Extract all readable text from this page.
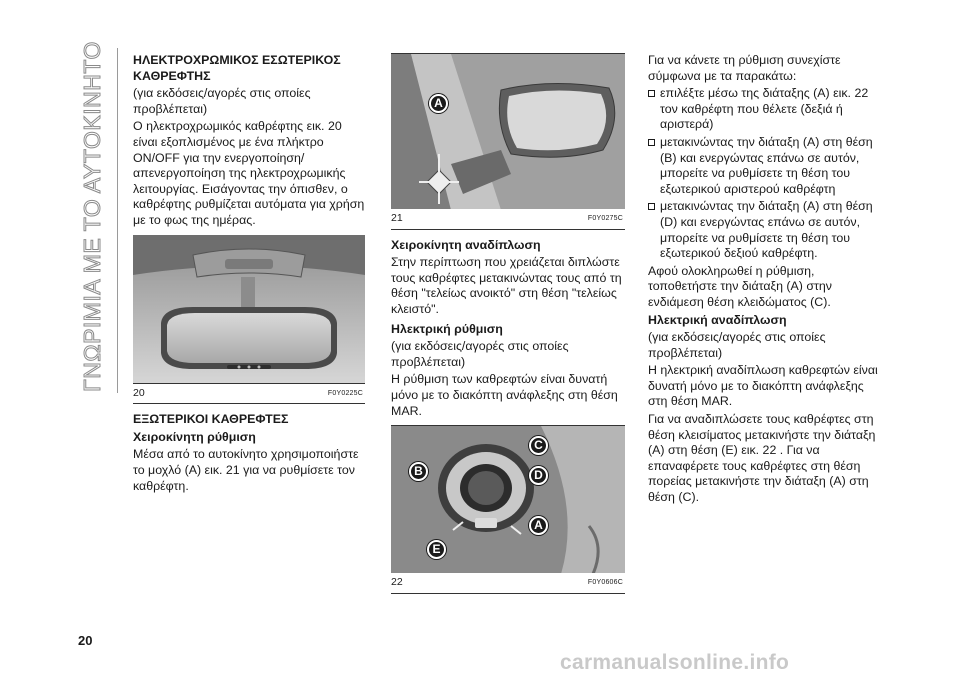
ΓΝΩΡΙΜΙΑ ΜΕ ΤΟ ΑΥΤΟΚΙΝΗΤΟ ΗΛΕΚΤΡΟΧΡΩΜΙΚΟΣ ΕΣΩΤΕΡΙΚΟΣ ΚΑΘΡΕΦΤΗΣ

(για εκδόσεις/αγορές στις οποίες προβλέπεται)

Ο ηλεκτροχρωμικός καθρέφτης εικ. 20 είναι εξοπλισμένος με ένα πλήκτρο ON/OFF για την ενεργοποίηση/απενεργοποίηση της ηλεκτροχρωμικής λειτουργίας. Εισάγοντας την όπισθεν, ο καθρέφτης ρυθμίζεται αυτόματα για χρήση με το φως της ημέρας.

20	F0Y0225C

ΕΞΩΤΕΡΙΚΟΙ ΚΑΘΡΕΦΤΕΣ

Χειροκίνητη ρύθμιση

Μέσα από το αυτοκίνητο χρησιμοποιήστε το μοχλό (A) εικ. 21 για να ρυθμίσετε τον καθρέφτη.

A
21	F0Y0275C

Χειροκίνητη αναδίπλωση

Στην περίπτωση που χρειάζεται διπλώστε τους καθρέφτες μετακινώντας τους από τη θέση "τελείως ανοικτό" στη θέση "τελείως κλειστό".

Ηλεκτρική ρύθμιση

(για εκδόσεις/αγορές στις οποίες προβλέπεται)

Η ρύθμιση των καθρεφτών είναι δυνατή μόνο με το διακόπτη ανάφλεξης στη θέση MAR.

C
B	D
A
E
22	F0Y0606C

Για να κάνετε τη ρύθμιση συνεχίστε σύμφωνα με τα παρακάτω:

επιλέξτε μέσω της διάταξης (A) εικ. 22 τον καθρέφτη που θέλετε (δεξιά ή αριστερά)

μετακινώντας την διάταξη (A) στη θέση (B) και ενεργώντας επάνω σε αυτόν, μπορείτε να ρυθμίσετε τη θέση του εξωτερικού αριστερού καθρέφτη

μετακινώντας την διάταξη (A) στη θέση (D) και ενεργώντας επάνω σε αυτόν, μπορείτε να ρυθμίσετε τη θέση του εξωτερικού δεξιού καθρέφτη.

Αφού ολοκληρωθεί η ρύθμιση, τοποθετήστε την διάταξη (A) στην ενδιάμεση θέση κλειδώματος (C).

Ηλεκτρική αναδίπλωση

(για εκδόσεις/αγορές στις οποίες προβλέπεται)

Η ηλεκτρική αναδίπλωση καθρεφτών είναι δυνατή μόνο με το διακόπτη ανάφλεξης στη θέση MAR.

Για να αναδιπλώσετε τους καθρέφτες στη θέση κλεισίματος μετακινήστε την διάταξη (A) στη θέση (E) εικ. 22 . Για να επαναφέρετε τους καθρέφτες στη θέση πορείας μετακινήστε την διάταξη (A) στη θέση (C).

20
carmanualsonline.info
